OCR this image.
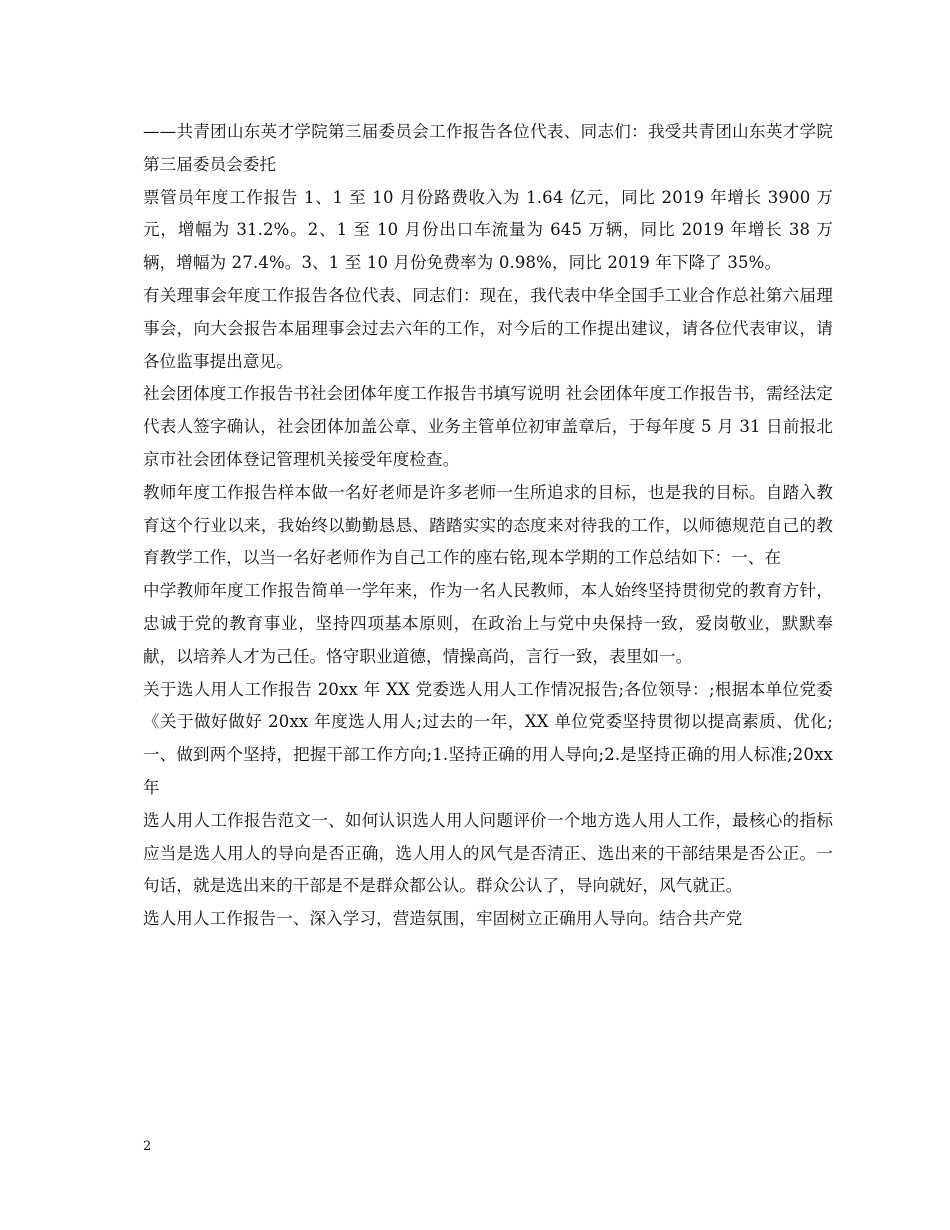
——共青团山东英才学院第三届委员会工作报告各位代表、同志们：我受共青团山东英才学院第三届委员会委托

票管员年度工作报告 1、1 至 10 月份路费收入为 1.64 亿元，同比 2019 年增长 3900 万元，增幅为 31.2%。2、1 至 10 月份出口车流量为 645 万辆，同比 2019 年增长 38 万辆，增幅为 27.4%。3、1 至 10 月份免费率为 0.98%，同比 2019 年下降了 35%。

有关理事会年度工作报告各位代表、同志们：现在，我代表中华全国手工业合作总社第六届理事会，向大会报告本届理事会过去六年的工作，对今后的工作提出建议，请各位代表审议，请各位监事提出意见。

社会团体度工作报告书社会团体年度工作报告书填写说明 社会团体年度工作报告书，需经法定代表人签字确认，社会团体加盖公章、业务主管单位初审盖章后，于每年度 5 月 31 日前报北京市社会团体登记管理机关接受年度检查。

教师年度工作报告样本做一名好老师是许多老师一生所追求的目标，也是我的目标。自踏入教育这个行业以来，我始终以勤勤恳恳、踏踏实实的态度来对待我的工作，以师德规范自己的教育教学工作，以当一名好老师作为自己工作的座右铭,现本学期的工作总结如下：一、在

中学教师年度工作报告简单一学年来，作为一名人民教师，本人始终坚持贯彻党的教育方针，忠诚于党的教育事业，坚持四项基本原则，在政治上与党中央保持一致，爱岗敬业，默默奉献，以培养人才为己任。恪守职业道德，情操高尚，言行一致，表里如一。

关于选人用人工作报告 20xx 年 XX 党委选人用人工作情况报告;各位领导：;根据本单位党委《关于做好做好 20xx 年度选人用人;过去的一年，XX 单位党委坚持贯彻以提高素质、优化;一、做到两个坚持，把握干部工作方向;1.坚持正确的用人导向;2.是坚持正确的用人标准;20xx 年

选人用人工作报告范文一、如何认识选人用人问题评价一个地方选人用人工作，最核心的指标应当是选人用人的导向是否正确，选人用人的风气是否清正、选出来的干部结果是否公正。一句话，就是选出来的干部是不是群众都公认。群众公认了，导向就好，风气就正。

选人用人工作报告一、深入学习，营造氛围，牢固树立正确用人导向。结合共产党

2
